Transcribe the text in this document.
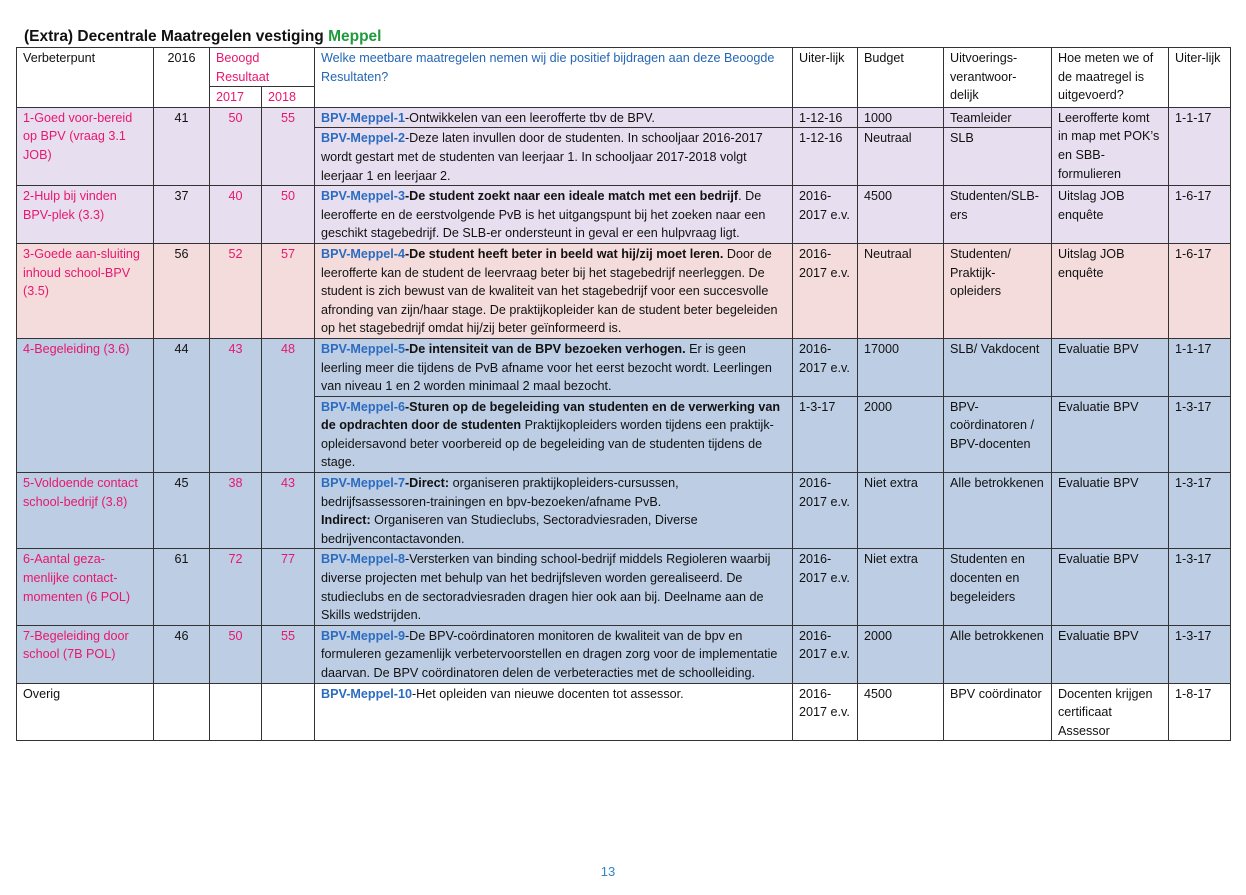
(Extra) Decentrale Maatregelen vestiging Meppel
Verbeterpunt	2016	Beoogd Resultaat		Welke meetbare maatregelen nemen wij die positief bijdragen aan deze Beoogde Resultaten?	Uiter-lijk	Budget	Uitvoerings-verantwoor-delijk	Hoe meten we of de maatregel is uitgevoerd?	Uiter-lijk
		2017	2018						
1-Goed voor-bereid op BPV (vraag 3.1 JOB)	41	50	55	BPV-Meppel-1-Ontwikkelen van een leerofferte tbv de BPV.	1-12-16	1000	Teamleider	Leerofferte komt in map met POK’s en SBB-formulieren	1-1-17
				BPV-Meppel-2-Deze laten invullen door de studenten. In schooljaar 2016-2017 wordt gestart met de studenten van leerjaar 1. In schooljaar 2017-2018 volgt leerjaar 1 en leerjaar 2.	1-12-16	Neutraal	SLB		
2-Hulp bij vinden BPV-plek (3.3)	37	40	50	BPV-Meppel-3-De student zoekt naar een ideale match met een bedrijf. De leerofferte en de eerstvolgende PvB is het uitgangspunt bij het zoeken naar een geschikt stagebedrijf. De SLB-er ondersteunt in geval er een hulpvraag ligt.	2016-2017 e.v.	4500	Studenten/SLB-ers	Uitslag JOB enquête	1-6-17
3-Goede aan-sluiting inhoud school-BPV (3.5)	56	52	57	BPV-Meppel-4-De student heeft beter in beeld wat hij/zij moet leren. Door de leerofferte kan de student de leervraag beter bij het stagebedrijf neerleggen. De student is zich bewust van de kwaliteit van het stagebedrijf voor een succesvolle afronding van zijn/haar stage. De praktijkopleider kan de student beter begeleiden op het stagebedrijf omdat hij/zij beter geïnformeerd is.	2016-2017 e.v.	Neutraal	Studenten/ Praktijk-opleiders	Uitslag JOB enquête	1-6-17
4-Begeleiding (3.6)	44	43	48	BPV-Meppel-5-De intensiteit van de BPV bezoeken verhogen. Er is geen leerling meer die tijdens de PvB afname voor het eerst bezocht wordt. Leerlingen van niveau 1 en 2 worden minimaal 2 maal bezocht.	2016-2017 e.v.	17000	SLB/ Vakdocent	Evaluatie BPV	1-1-17
				BPV-Meppel-6-Sturen op de begeleiding van studenten en de verwerking van de opdrachten door de studenten Praktijkopleiders worden tijdens een praktijk-opleidersavond beter voorbereid op de begeleiding van de studenten tijdens de stage.	1-3-17	2000	BPV-coördinatoren / BPV-docenten	Evaluatie BPV	1-3-17
5-Voldoende contact school-bedrijf (3.8)	45	38	43	BPV-Meppel-7-Direct: organiseren praktijkopleiders-cursussen, bedrijfsassessoren-trainingen en bpv-bezoeken/afname PvB.
Indirect: Organiseren van Studieclubs, Sectoradviesraden, Diverse bedrijvencontactavonden.	2016-2017 e.v.	Niet extra	Alle betrokkenen	Evaluatie BPV	1-3-17
6-Aantal geza-menlijke contact-momenten (6 POL)	61	72	77	BPV-Meppel-8-Versterken van binding school-bedrijf middels Regioleren waarbij diverse projecten met behulp van het bedrijfsleven worden gerealiseerd. De studieclubs en de sectoradviesraden dragen hier ook aan bij. Deelname aan de Skills wedstrijden.	2016-2017 e.v.	Niet extra	Studenten en docenten en begeleiders	Evaluatie BPV	1-3-17
7-Begeleiding door school (7B POL)	46	50	55	BPV-Meppel-9-De BPV-coördinatoren monitoren de kwaliteit van de bpv en formuleren gezamenlijk verbetervoorstellen en dragen zorg voor de implementatie daarvan. De BPV coördinatoren delen de verbeteracties met de schoolleiding.	2016-2017 e.v.	2000	Alle betrokkenen	Evaluatie BPV	1-3-17
Overig				BPV-Meppel-10-Het opleiden van nieuwe docenten tot assessor.	2016-2017 e.v.	4500	BPV coördinator	Docenten krijgen certificaat Assessor	1-8-17
13
